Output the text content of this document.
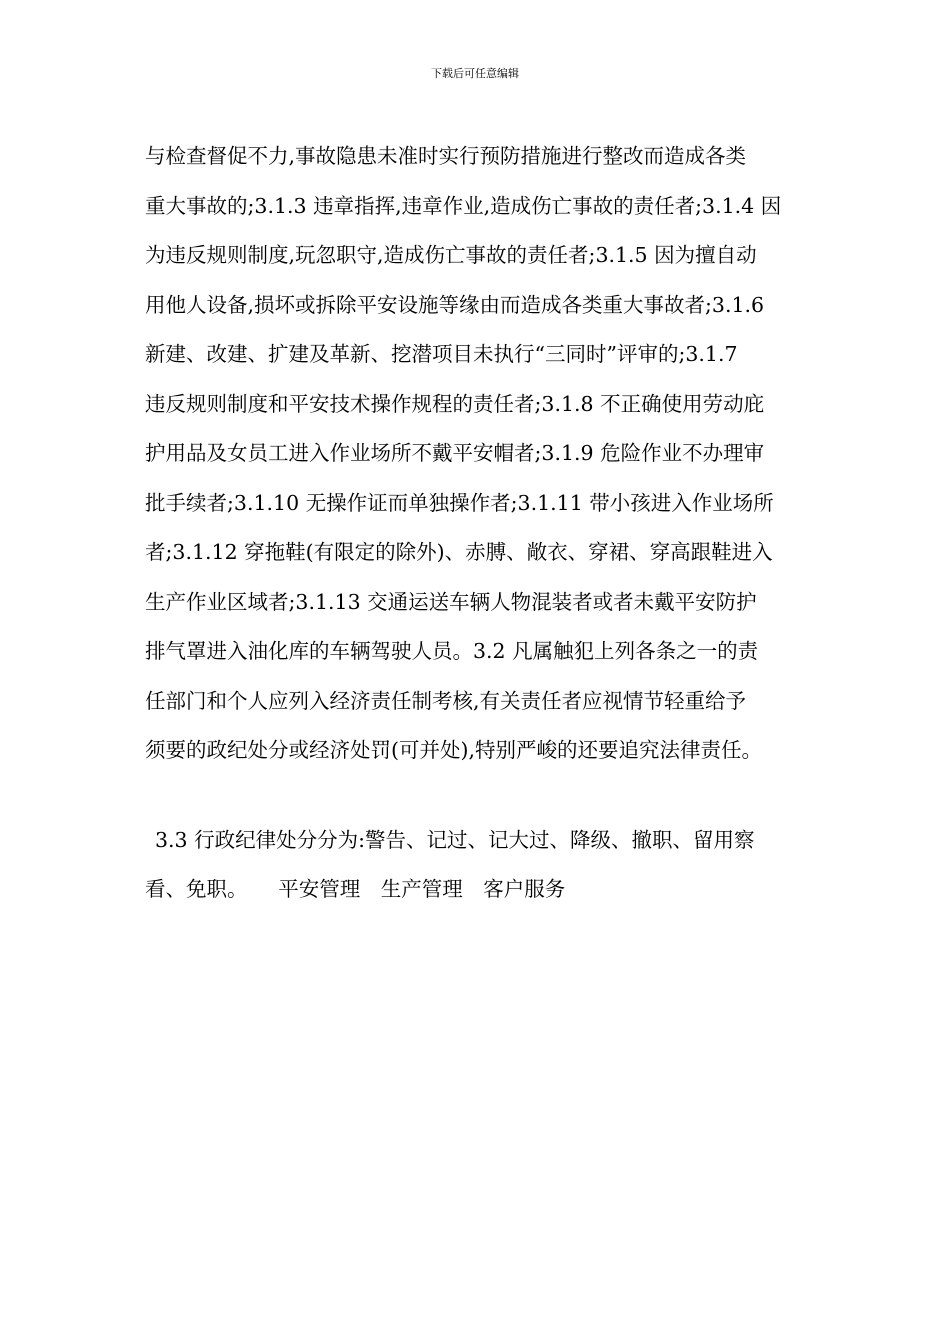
下载后可任意编辑
与检查督促不力,事故隐患未准时实行预防措施进行整改而造成各类
重大事故的;3.1.3 违章指挥,违章作业,造成伤亡事故的责任者;3.1.4 因
为违反规则制度,玩忽职守,造成伤亡事故的责任者;3.1.5 因为擅自动
用他人设备,损坏或拆除平安设施等缘由而造成各类重大事故者;3.1.6
新建、改建、扩建及革新、挖潜项目未执行“三同时”评审的;3.1.7
违反规则制度和平安技术操作规程的责任者;3.1.8 不正确使用劳动庇
护用品及女员工进入作业场所不戴平安帽者;3.1.9 危险作业不办理审
批手续者;3.1.10 无操作证而单独操作者;3.1.11 带小孩进入作业场所
者;3.1.12 穿拖鞋(有限定的除外)、赤膊、敞衣、穿裙、穿高跟鞋进入
生产作业区域者;3.1.13 交通运送车辆人物混装者或者未戴平安防护
排气罩进入油化库的车辆驾驶人员。3.2 凡属触犯上列各条之一的责
任部门和个人应列入经济责任制考核,有关责任者应视情节轻重给予
须要的政纪处分或经济处罚(可并处),特别严峻的还要追究法律责任。
3.3 行政纪律处分分为:警告、记过、记大过、降级、撤职、留用察
看、免职。　　平安管理　生产管理　客户服务
